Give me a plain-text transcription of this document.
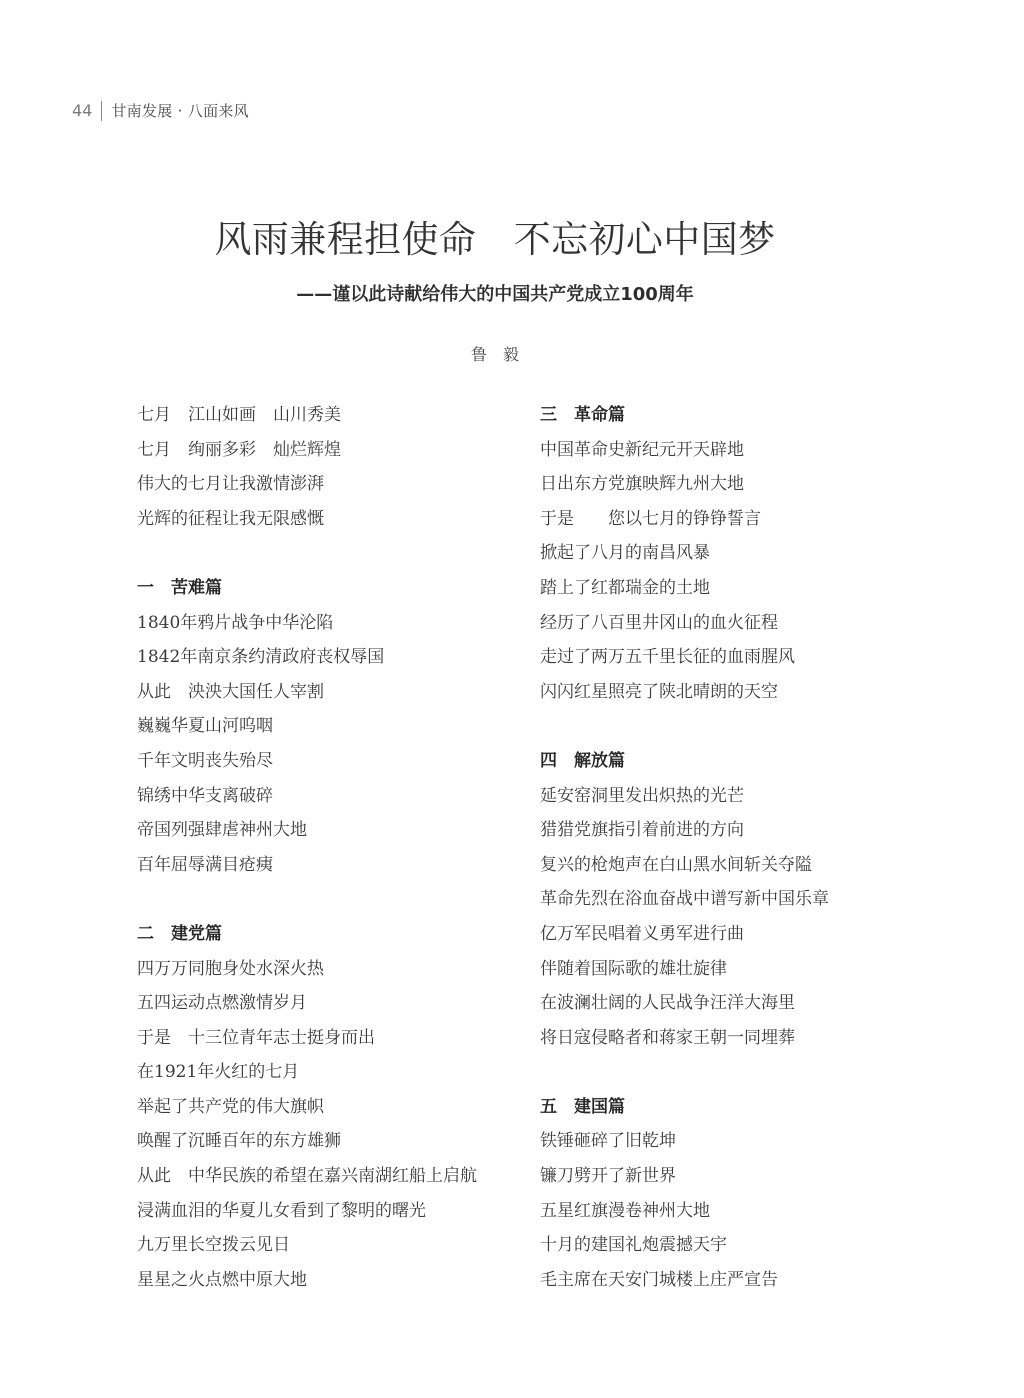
44 甘南发展 · 八面来风
风雨兼程担使命　不忘初心中国梦
——谨以此诗献给伟大的中国共产党成立100周年
鲁　毅
七月　江山如画　山川秀美
七月　绚丽多彩　灿烂辉煌
伟大的七月让我激情澎湃
光辉的征程让我无限感慨
一　苦难篇
1840年鸦片战争中华沦陷
1842年南京条约清政府丧权辱国
从此　泱泱大国任人宰割
巍巍华夏山河呜咽
千年文明丧失殆尽
锦绣中华支离破碎
帝国列强肆虐神州大地
百年屈辱满目疮痍
二　建党篇
四万万同胞身处水深火热
五四运动点燃激情岁月
于是　十三位青年志士挺身而出
在1921年火红的七月
举起了共产党的伟大旗帜
唤醒了沉睡百年的东方雄狮
从此　中华民族的希望在嘉兴南湖红船上启航
浸满血泪的华夏儿女看到了黎明的曙光
九万里长空拨云见日
星星之火点燃中原大地
三　革命篇
中国革命史新纪元开天辟地
日出东方党旗映辉九州大地
于是　　您以七月的铮铮誓言
掀起了八月的南昌风暴
踏上了红都瑞金的土地
经历了八百里井冈山的血火征程
走过了两万五千里长征的血雨腥风
闪闪红星照亮了陕北晴朗的天空
四　解放篇
延安窑洞里发出炽热的光芒
猎猎党旗指引着前进的方向
复兴的枪炮声在白山黑水间斩关夺隘
革命先烈在浴血奋战中谱写新中国乐章
亿万军民唱着义勇军进行曲
伴随着国际歌的雄壮旋律
在波澜壮阔的人民战争汪洋大海里
将日寇侵略者和蒋家王朝一同埋葬
五　建国篇
铁锤砸碎了旧乾坤
镰刀劈开了新世界
五星红旗漫卷神州大地
十月的建国礼炮震撼天宇
毛主席在天安门城楼上庄严宣告
